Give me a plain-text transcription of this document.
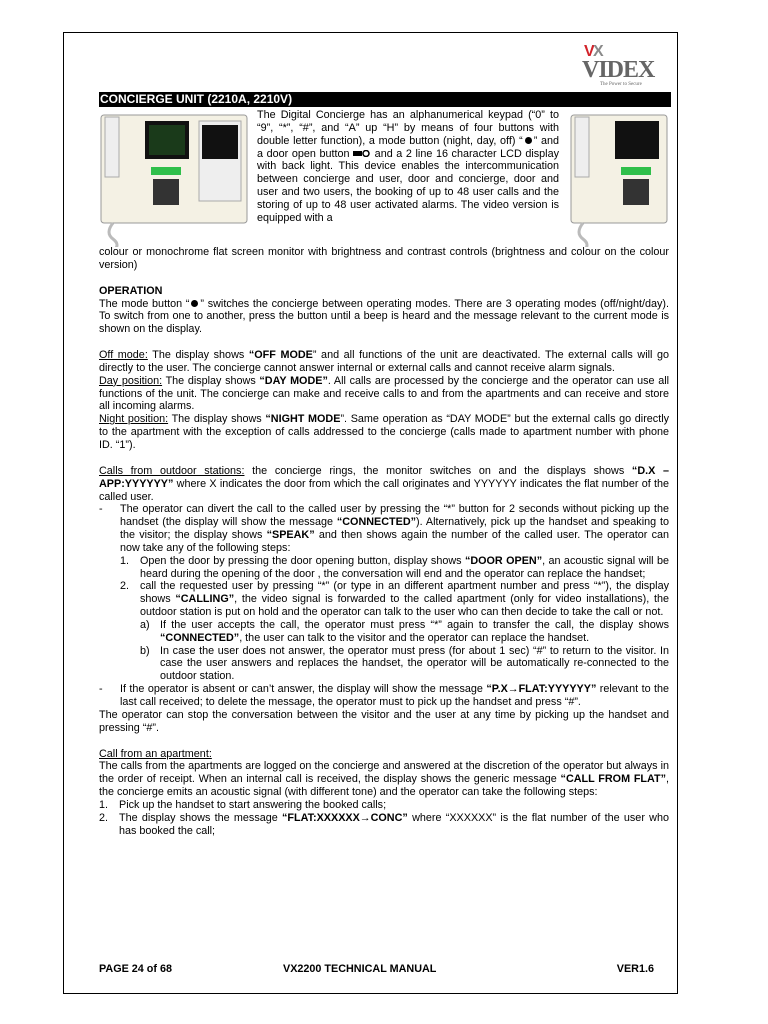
V
X
VIDEX
The Power to Secure
CONCIERGE UNIT (2210A, 2210V)
The Digital Concierge has an alphanumerical keypad (“0” to “9”, “*”, “#”, and “A” up “H” by means of four buttons with double letter function), a mode button (night, day, off) “ ” and a door open button  and a 2 line 16 character LCD display with back light. This device enables the intercommunication between concierge and user, door and concierge, door and user and two users, the booking of up to 48 user calls and the storing of up to 48 user activated alarms. The video version is equipped with a

colour or monochrome flat screen monitor with brightness and contrast controls (brightness and colour on the colour version)

OPERATION

The mode button “ ” switches the concierge between operating modes. There are 3 operating modes (off/night/day). To switch from one to another, press the button until a beep is heard and the message relevant to the current mode is shown on the display.

Off mode: The display shows “OFF MODE” and all functions of the unit are deactivated. The external calls will go directly to the user. The concierge cannot answer internal or external calls and cannot receive alarm signals.

Day position: The display shows “DAY MODE”. All calls are processed by the concierge and the operator can use all functions of the unit. The concierge can make and receive calls to and from the apartments and can receive and store all incoming alarms.

Night position: The display shows “NIGHT MODE”. Same operation as “DAY MODE” but the external calls go directly to the apartment with the exception of calls addressed to the concierge (calls made to apartment number with phone ID. “1”).

Calls from outdoor stations: the concierge rings, the monitor switches on and the displays shows “D.X – APP:YYYYYY” where X indicates the door from which the call originates and YYYYYY indicates the flat number of the called user.

- The operator can divert the call to the called user by pressing the “*” button for 2 seconds without picking up the handset (the display will show the message “CONNECTED”). Alternatively, pick up the handset and speaking to the visitor; the display shows “SPEAK” and then shows again the number of the called user. The operator can now take any of the following steps:
1. Open the door by pressing the door opening button, display shows “DOOR OPEN”, an acoustic signal will be heard during the opening of the door , the conversation will end and the operator can replace the handset;
2. call the requested user by pressing “*” (or type in an different apartment number and press “*”), the display shows “CALLING”, the video signal is forwarded to the called apartment (only for video installations), the outdoor station is put on hold and the operator can talk to the user who can then decide to take the call or not.
a) If the user accepts the call, the operator must press “*” again to transfer the call, the display shows “CONNECTED”, the user can talk to the visitor and the operator can replace the handset.
b) In case the user does not answer, the operator must press (for about 1 sec) “#” to return to the visitor. In case the user answers and replaces the handset, the operator will be automatically re-connected to the outdoor station.
- If the operator is absent or can’t answer, the display will show the message “P.X→FLAT:YYYYYY” relevant to the last call received; to delete the message, the operator must to pick up the handset and press “#”.

The operator can stop the conversation between the visitor and the user at any time by picking up the handset and pressing “#”.

Call from an apartment:

The calls from the apartments are logged on the concierge and answered at the discretion of the operator but always in the order of receipt. When an internal call is received, the display shows the generic message “CALL FROM FLAT”, the concierge emits an acoustic signal (with different tone) and the operator can take the following steps:

1. Pick up the handset to start answering the booked calls;
2. The display shows the message “FLAT:XXXXXX→CONC” where “XXXXXX” is the flat number of the user who has booked the call;
PAGE 24 of 68	VX2200 TECHNICAL MANUAL	VER1.6
